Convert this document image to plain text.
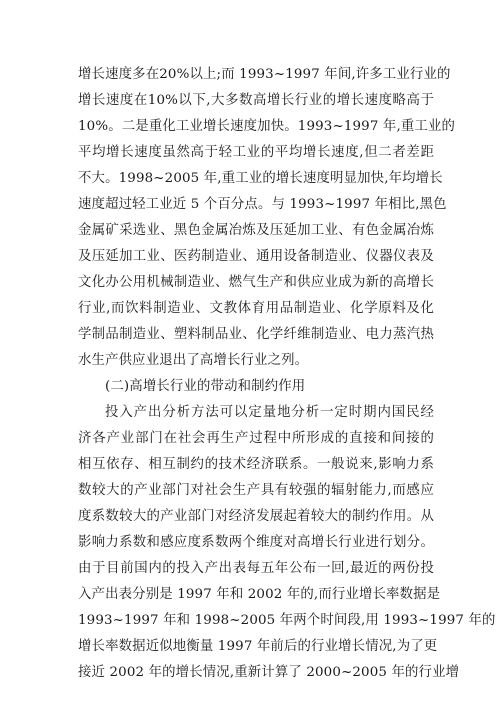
增长速度多在20%以上;而 1993~1997 年间,许多工业行业的
增长速度在10%以下,大多数高增长行业的增长速度略高于
10%。二是重化工业增长速度加快。1993~1997 年,重工业的
平均增长速度虽然高于轻工业的平均增长速度,但二者差距
不大。1998~2005 年,重工业的增长速度明显加快,年均增长
速度超过轻工业近 5 个百分点。与 1993~1997 年相比,黑色
金属矿采选业、黑色金属冶炼及压延加工业、有色金属冶炼
及压延加工业、医药制造业、通用设备制造业、仪器仪表及
文化办公用机械制造业、燃气生产和供应业成为新的高增长
行业,而饮料制造业、文教体育用品制造业、化学原料及化
学制品制造业、塑料制品业、化学纤维制造业、电力蒸汽热
水生产供应业退出了高增长行业之列。
(二)高增长行业的带动和制约作用
投入产出分析方法可以定量地分析一定时期内国民经
济各产业部门在社会再生产过程中所形成的直接和间接的
相互依存、相互制约的技术经济联系。一般说来,影响力系
数较大的产业部门对社会生产具有较强的辐射能力,而感应
度系数较大的产业部门对经济发展起着较大的制约作用。从
影响力系数和感应度系数两个维度对高增长行业进行划分。
由于目前国内的投入产出表每五年公布一回,最近的两份投
入产出表分别是 1997 年和 2002 年的,而行业增长率数据是
1993~1997 年和 1998~2005 年两个时间段,用 1993~1997 年的
增长率数据近似地衡量 1997 年前后的行业增长情况,为了更
接近 2002 年的增长情况,重新计算了 2000~2005 年的行业增
